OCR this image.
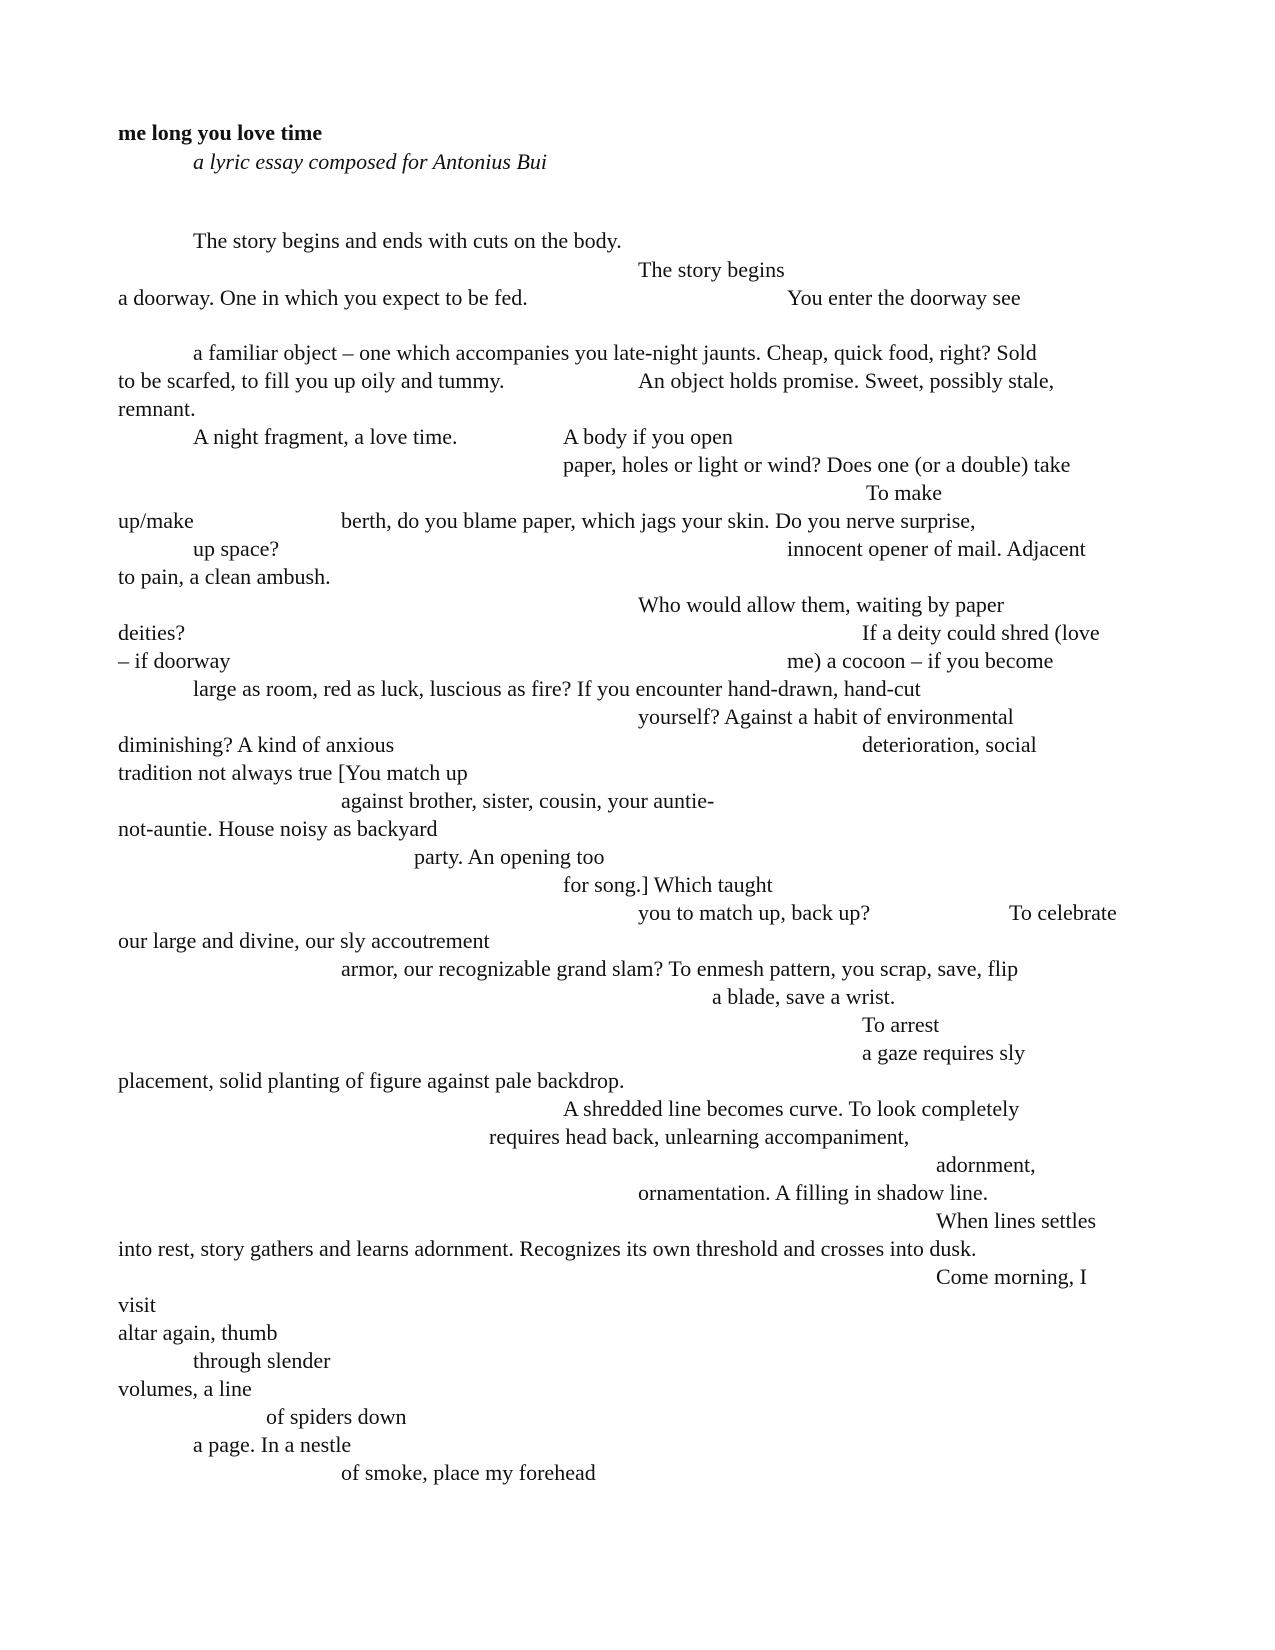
me long you love time
a lyric essay composed for Antonius Bui
The story begins and ends with cuts on the body.
The story begins
a doorway. One in which you expect to be fed.	You enter the doorway see
a familiar object – one which accompanies you late-night jaunts. Cheap, quick food, right? Sold
to be scarfed, to fill you up oily and tummy.	An object holds promise. Sweet, possibly stale,
remnant.
A night fragment, a love time.	A body if you open
paper, holes or light or wind? Does one (or a double) take
To make
up/make	berth, do you blame paper, which jags your skin. Do you nerve surprise,
up space?	innocent opener of mail. Adjacent
to pain, a clean ambush.
Who would allow them, waiting by paper
deities?	If a deity could shred (love
– if doorway	me) a cocoon – if you become
large as room, red as luck, luscious as fire? If you encounter hand-drawn, hand-cut
yourself? Against a habit of environmental
diminishing? A kind of anxious	deterioration, social
tradition not always true [You match up
against brother, sister, cousin, your auntie-
not-auntie. House noisy as backyard
party. An opening too
for song.] Which taught
you to match up, back up?	To celebrate
our large and divine, our sly accoutrement
armor, our recognizable grand slam? To enmesh pattern, you scrap, save, flip
a blade, save a wrist.
To arrest
a gaze requires sly
placement, solid planting of figure against pale backdrop.
A shredded line becomes curve. To look completely
requires head back, unlearning accompaniment,
adornment,
ornamentation. A filling in shadow line.
When lines settles
into rest, story gathers and learns adornment. Recognizes its own threshold and crosses into dusk.
Come morning, I
visit
altar again, thumb
through slender
volumes, a line
of spiders down
a page. In a nestle
of smoke, place my forehead
